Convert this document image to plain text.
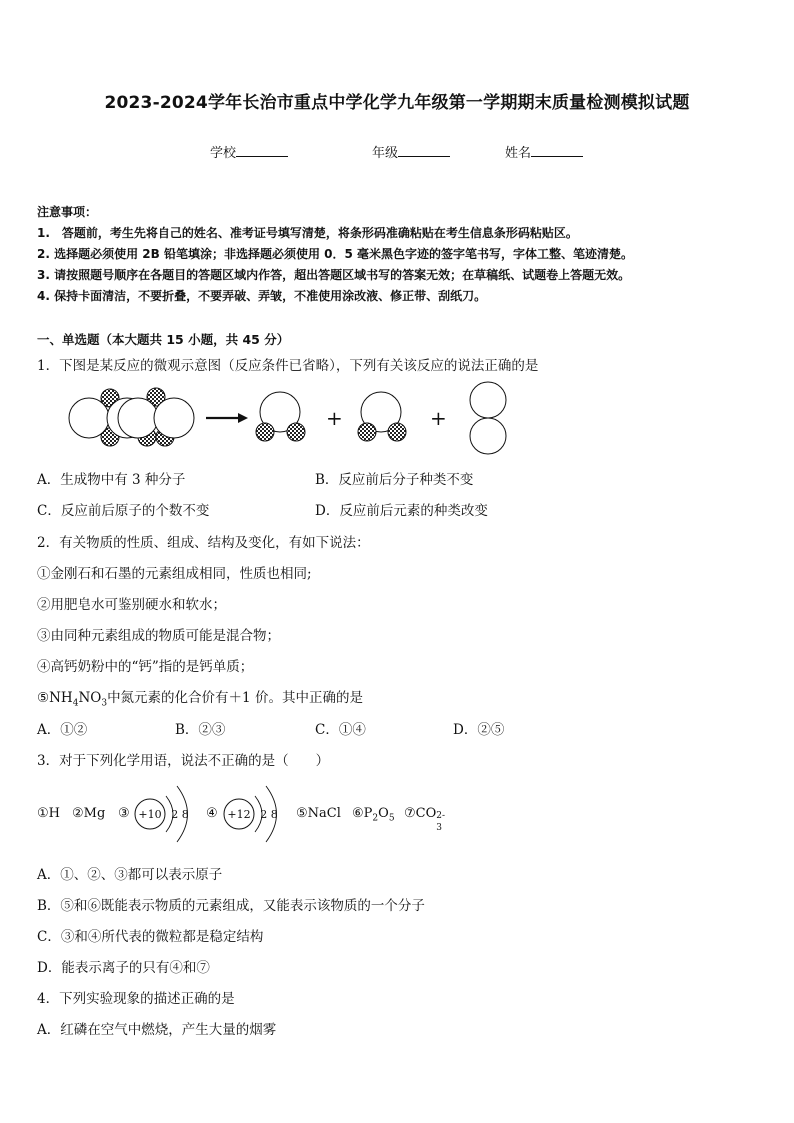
2023-2024学年长治市重点中学化学九年级第一学期期末质量检测模拟试题
学校	年级	姓名
注意事项：
1.　答题前，考生先将自己的姓名、准考证号填写清楚，将条形码准确粘贴在考生信息条形码粘贴区。
2. 选择题必须使用 2B 铅笔填涂；非选择题必须使用 0．5 毫米黑色字迹的签字笔书写，字体工整、笔迹清楚。
3. 请按照题号顺序在各题目的答题区域内作答，超出答题区域书写的答案无效；在草稿纸、试题卷上答题无效。
4. 保持卡面清洁，不要折叠，不要弄破、弄皱，不准使用涂改液、修正带、刮纸刀。
一、单选题（本大题共 15 小题，共 45 分）
1．下图是某反应的微观示意图（反应条件已省略），下列有关该反应的说法正确的是
+	+
A．生成物中有 3 种分子	B．反应前后分子种类不变
C．反应前后原子的个数不变	D．反应前后元素的种类改变
2．有关物质的性质、组成、结构及变化，有如下说法：
①金刚石和石墨的元素组成相同，性质也相同;
②用肥皂水可鉴别硬水和软水；
③由同种元素组成的物质可能是混合物；
④高钙奶粉中的“钙”指的是钙单质；
$⑤NH_4NO_3$中氮元素的化合价有＋1 价。其中正确的是
A．①②	B．②③	C．①④	D．②⑤
3．对于下列化学用语，说法不正确的是（　　）
①H ②Mg ③ +10 2 8 ④ +12 2 8 ⑤NaCl $⑥P_2O_5$ ⑦CO 2-
3
A．①、②、③都可以表示原子
B．⑤和⑥既能表示物质的元素组成，又能表示该物质的一个分子
C．③和④所代表的微粒都是稳定结构
D．能表示离子的只有④和⑦
4．下列实验现象的描述正确的是
A．红磷在空气中燃烧，产生大量的烟雾
